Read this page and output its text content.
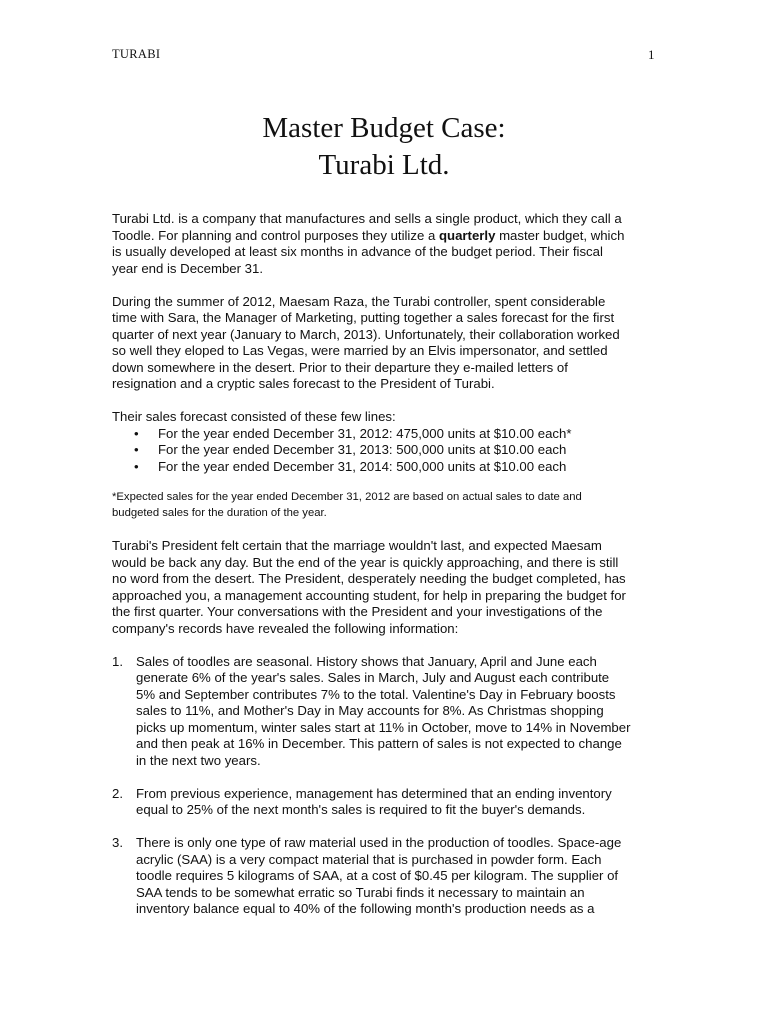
TURABI	1
Master Budget Case:
Turabi Ltd.

Turabi Ltd. is a company that manufactures and sells a single product, which they call a
Toodle. For planning and control purposes they utilize a quarterly master budget, which
is usually developed at least six months in advance of the budget period. Their fiscal
year end is December 31.

During the summer of 2012, Maesam Raza, the Turabi controller, spent considerable
time with Sara, the Manager of Marketing, putting together a sales forecast for the first
quarter of next year (January to March, 2013). Unfortunately, their collaboration worked
so well they eloped to Las Vegas, were married by an Elvis impersonator, and settled
down somewhere in the desert. Prior to their departure they e-mailed letters of
resignation and a cryptic sales forecast to the President of Turabi.

Their sales forecast consisted of these few lines:
• For the year ended December 31, 2012: 475,000 units at $10.00 each*
• For the year ended December 31, 2013: 500,000 units at $10.00 each
• For the year ended December 31, 2014: 500,000 units at $10.00 each
*Expected sales for the year ended December 31, 2012 are based on actual sales to date and
budgeted sales for the duration of the year.

Turabi's President felt certain that the marriage wouldn't last, and expected Maesam
would be back any day. But the end of the year is quickly approaching, and there is still
no word from the desert. The President, desperately needing the budget completed, has
approached you, a management accounting student, for help in preparing the budget for
the first quarter. Your conversations with the President and your investigations of the
company's records have revealed the following information:

1. Sales of toodles are seasonal. History shows that January, April and June each
generate 6% of the year's sales. Sales in March, July and August each contribute
5% and September contributes 7% to the total. Valentine's Day in February boosts
sales to 11%, and Mother's Day in May accounts for 8%. As Christmas shopping
picks up momentum, winter sales start at 11% in October, move to 14% in November
and then peak at 16% in December. This pattern of sales is not expected to change
in the next two years.
2. From previous experience, management has determined that an ending inventory
equal to 25% of the next month's sales is required to fit the buyer's demands.
3. There is only one type of raw material used in the production of toodles. Space-age
acrylic (SAA) is a very compact material that is purchased in powder form. Each
toodle requires 5 kilograms of SAA, at a cost of $0.45 per kilogram. The supplier of
SAA tends to be somewhat erratic so Turabi finds it necessary to maintain an
inventory balance equal to 40% of the following month's production needs as a
